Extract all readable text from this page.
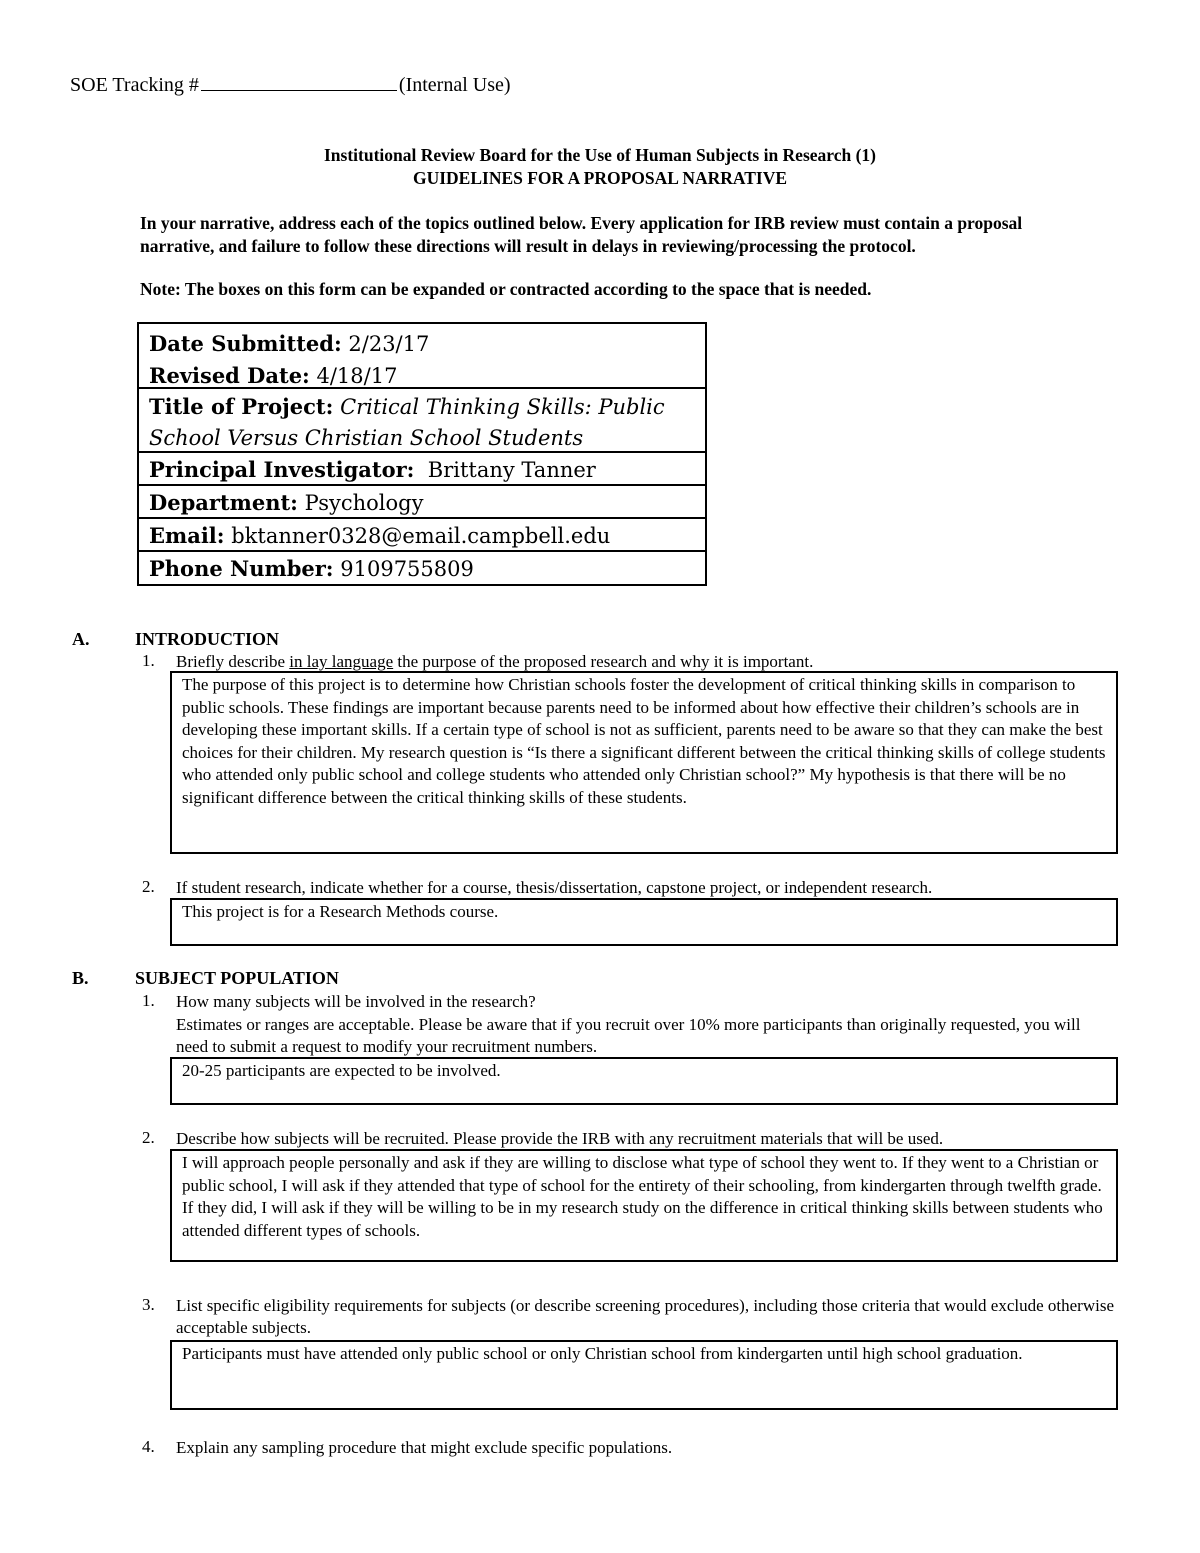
SOE Tracking #	(Internal Use)
Institutional Review Board for the Use of Human Subjects in Research (1)
GUIDELINES FOR A PROPOSAL NARRATIVE
In your narrative, address each of the topics outlined below. Every application for IRB review must contain a proposal narrative, and failure to follow these directions will result in delays in reviewing/processing the protocol.
Note: The boxes on this form can be expanded or contracted according to the space that is needed.
Date Submitted: 2/23/17
Revised Date: 4/18/17
Title of Project: Critical Thinking Skills: Public School Versus Christian School Students
Principal Investigator: Brittany Tanner
Department: Psychology
Email: bktanner0328@email.campbell.edu
Phone Number: 9109755809
A.	INTRODUCTION
1. Briefly describe in lay language the purpose of the proposed research and why it is important.
The purpose of this project is to determine how Christian schools foster the development of critical thinking skills in comparison to public schools. These findings are important because parents need to be informed about how effective their children’s schools are in developing these important skills. If a certain type of school is not as sufficient, parents need to be aware so that they can make the best choices for their children. My research question is “Is there a significant different between the critical thinking skills of college students who attended only public school and college students who attended only Christian school?” My hypothesis is that there will be no significant difference between the critical thinking skills of these students.
2. If student research, indicate whether for a course, thesis/dissertation, capstone project, or independent research.
This project is for a Research Methods course.
B.	SUBJECT POPULATION
1. How many subjects will be involved in the research?
Estimates or ranges are acceptable. Please be aware that if you recruit over 10% more participants than originally requested, you will need to submit a request to modify your recruitment numbers.
20-25 participants are expected to be involved.
2. Describe how subjects will be recruited. Please provide the IRB with any recruitment materials that will be used.
I will approach people personally and ask if they are willing to disclose what type of school they went to. If they went to a Christian or public school, I will ask if they attended that type of school for the entirety of their schooling, from kindergarten through twelfth grade. If they did, I will ask if they will be willing to be in my research study on the difference in critical thinking skills between students who attended different types of schools.
3. List specific eligibility requirements for subjects (or describe screening procedures), including those criteria that would exclude otherwise acceptable subjects.
Participants must have attended only public school or only Christian school from kindergarten until high school graduation.
4. Explain any sampling procedure that might exclude specific populations.
